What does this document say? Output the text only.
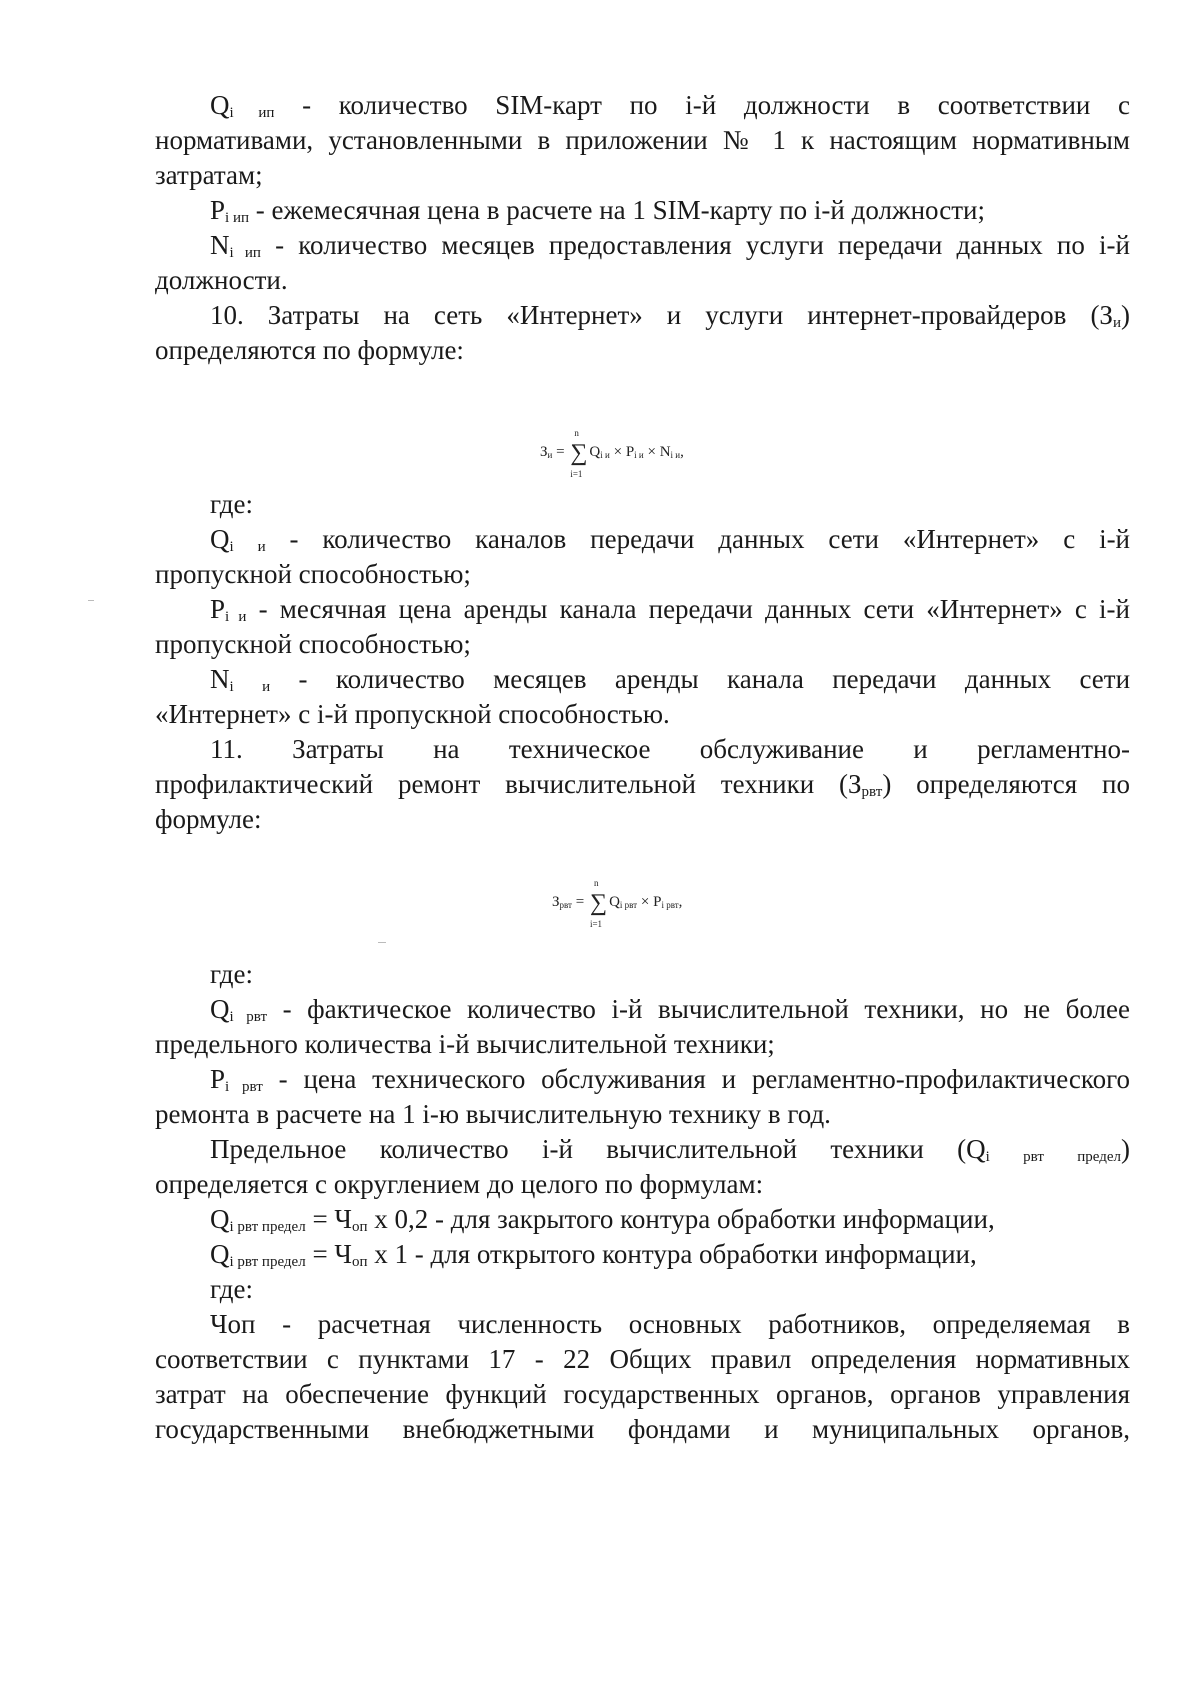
$Q_{i ип}$ - количество SIM-карт по i-й должности в соответствии с
нормативами, установленными в приложении № 1 к настоящим нормативным
затратам;
$P_{i ип}$ - ежемесячная цена в расчете на 1 SIM-карту по i-й должности;
$N_{i ип}$ - количество месяцев предоставления услуги передачи данных по i-й
должности.
10. Затраты на сеть «Интернет» и услуги интернет-провайдеров $(З_и)$
определяются по формуле:
Зи =
n
∑
i=1
Qi и × Pi и × Ni и,
где:
$Q_i$ $_и$ - количество каналов передачи данных сети «Интернет» с i-й
пропускной способностью;
$P_{i и}$ - месячная цена аренды канала передачи данных сети «Интернет» с i-й
пропускной способностью;
$N_i$ $_и$ - количество месяцев аренды канала передачи данных сети
«Интернет» с i-й пропускной способностью.
11. Затраты на техническое обслуживание и регламентно-
профилактический ремонт вычислительной техники $(З_{рвт})$ определяются по
формуле:
Зрвт =
n
∑
i=1
Qi рвт × Pi рвт,
где:
$Q_{i рвт}$ - фактическое количество i-й вычислительной техники, но не более
предельного количества i-й вычислительной техники;
$P_{i рвт}$ - цена технического обслуживания и регламентно-профилактического
ремонта в расчете на 1 i-ю вычислительную технику в год.
Предельное количество i-й вычислительной техники ($Q_i$ $_{рвт}$ $_{предел}$)
определяется с округлением до целого по формулам:
$Q_{i рвт предел} = Ч_{оп}$ x 0,2 - для закрытого контура обработки информации,
$Q_{i рвт предел} = Ч_{оп}$ x 1 - для открытого контура обработки информации,
где:
Чоп - расчетная численность основных работников, определяемая в
соответствии с пунктами 17 - 22 Общих правил определения нормативных
затрат на обеспечение функций государственных органов, органов управления
государственными внебюджетными фондами и муниципальных органов,
